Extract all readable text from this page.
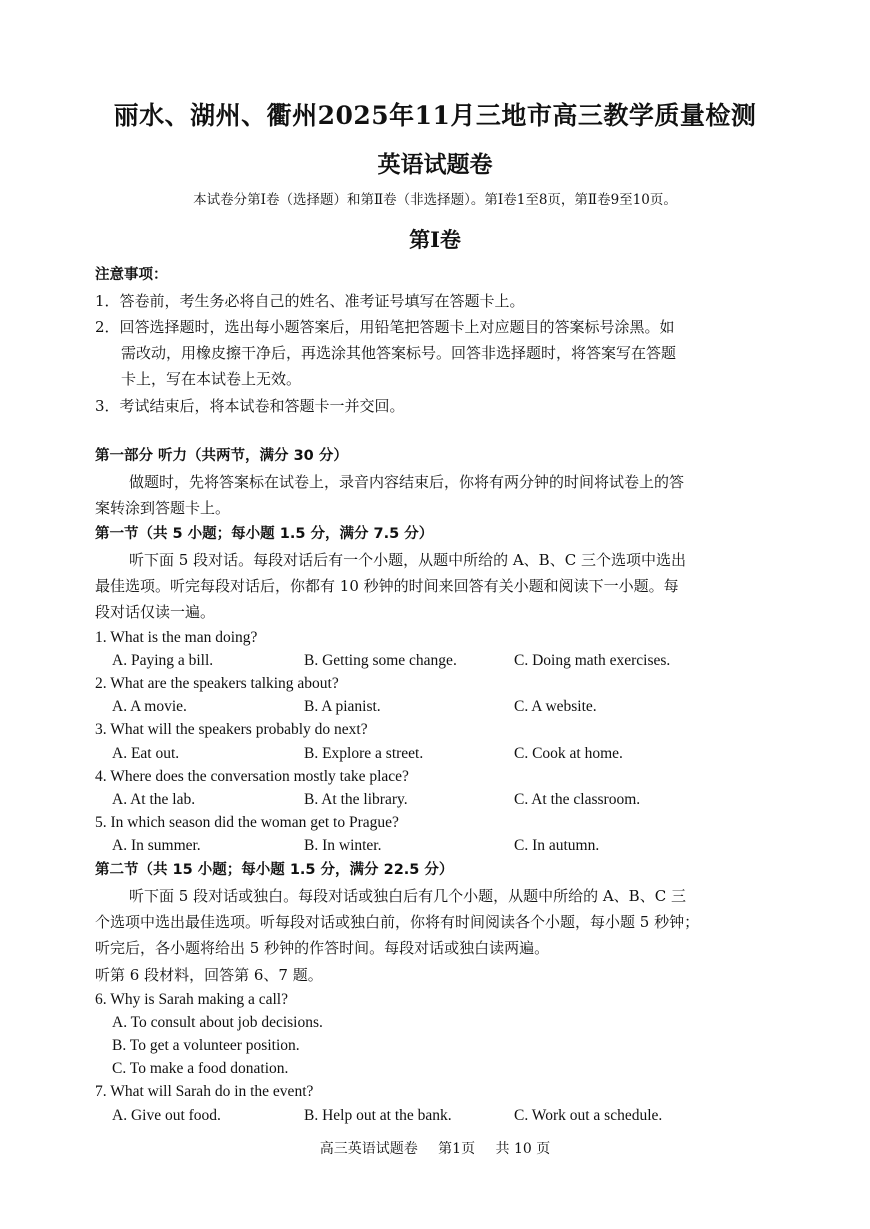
丽水、湖州、衢州2025年11月三地市高三教学质量检测
英语试题卷
本试卷分第Ⅰ卷（选择题）和第Ⅱ卷（非选择题）。第Ⅰ卷1至8页，第Ⅱ卷9至10页。
第Ⅰ卷
注意事项：
1．答卷前，考生务必将自己的姓名、准考证号填写在答题卡上。
2．回答选择题时，选出每小题答案后，用铅笔把答题卡上对应题目的答案标号涂黑。如
需改动，用橡皮擦干净后，再选涂其他答案标号。回答非选择题时，将答案写在答题
卡上，写在本试卷上无效。
3．考试结束后，将本试卷和答题卡一并交回。
第一部分 听力（共两节，满分 30 分）
做题时，先将答案标在试卷上，录音内容结束后，你将有两分钟的时间将试卷上的答
案转涂到答题卡上。
第一节（共 5 小题；每小题 1.5 分，满分 7.5 分）
听下面 5 段对话。每段对话后有一个小题，从题中所给的 A、B、C 三个选项中选出
最佳选项。听完每段对话后，你都有 10 秒钟的时间来回答有关小题和阅读下一小题。每
段对话仅读一遍。
1. What is the man doing?
A. Paying a bill.	B. Getting some change.	C. Doing math exercises.
2. What are the speakers talking about?
A. A movie.	B. A pianist.	C. A website.
3. What will the speakers probably do next?
A. Eat out.	B. Explore a street.	C. Cook at home.
4. Where does the conversation mostly take place?
A. At the lab.	B. At the library.	C. At the classroom.
5. In which season did the woman get to Prague?
A. In summer.	B. In winter.	C. In autumn.
第二节（共 15 小题；每小题 1.5 分，满分 22.5 分）
听下面 5 段对话或独白。每段对话或独白后有几个小题，从题中所给的 A、B、C 三
个选项中选出最佳选项。听每段对话或独白前，你将有时间阅读各个小题，每小题 5 秒钟；
听完后，各小题将给出 5 秒钟的作答时间。每段对话或独白读两遍。
听第 6 段材料，回答第 6、7 题。
6. Why is Sarah making a call?
A. To consult about job decisions.
B. To get a volunteer position.
C. To make a food donation.
7. What will Sarah do in the event?
A. Give out food.	B. Help out at the bank.	C. Work out a schedule.
高三英语试题卷 第1页 共 10 页
